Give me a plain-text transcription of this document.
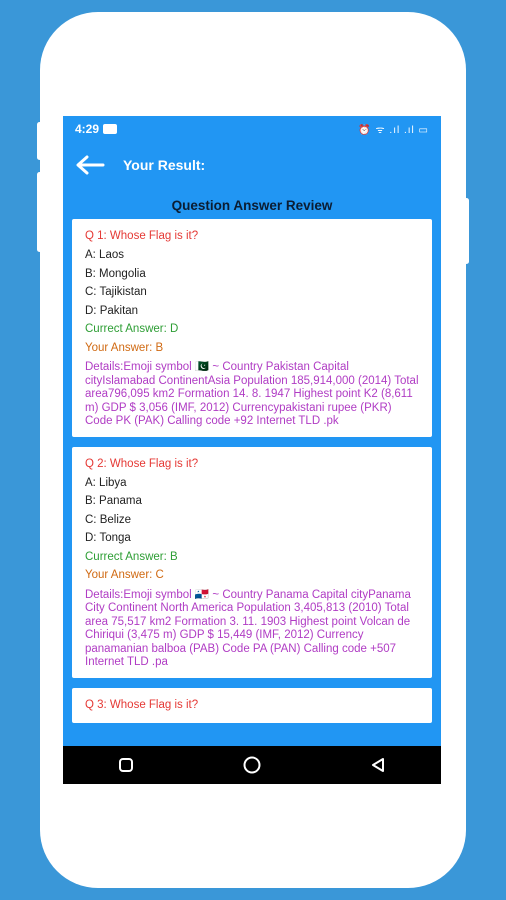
4:29	⏰ ᯤ .ıl .ıl ▭
Your Result:
Question Answer Review

Q 1: Whose Flag is it?

A: Laos

B: Mongolia

C: Tajikistan

D: Pakitan

Currect Answer: D

Your Answer: B

Details:Emoji symbol 🇵🇰 ~ Country Pakistan Capital cityIslamabad ContinentAsia Population 185,914,000 (2014) Total area796,095 km2 Formation 14. 8. 1947 Highest point K2 (8,611 m) GDP $ 3,056 (IMF, 2012) Currencypakistani rupee (PKR) Code PK (PAK) Calling code +92 Internet TLD .pk

Q 2: Whose Flag is it?

A: Libya

B: Panama

C: Belize

D: Tonga

Currect Answer: B

Your Answer: C

Details:Emoji symbol 🇵🇦 ~ Country Panama Capital cityPanama City Continent North America Population 3,405,813 (2010) Total area 75,517 km2 Formation 3. 11. 1903 Highest point Volcan de Chiriqui (3,475 m) GDP $ 15,449 (IMF, 2012) Currency panamanian balboa (PAB) Code PA (PAN) Calling code +507 Internet TLD .pa

Q 3: Whose Flag is it?
